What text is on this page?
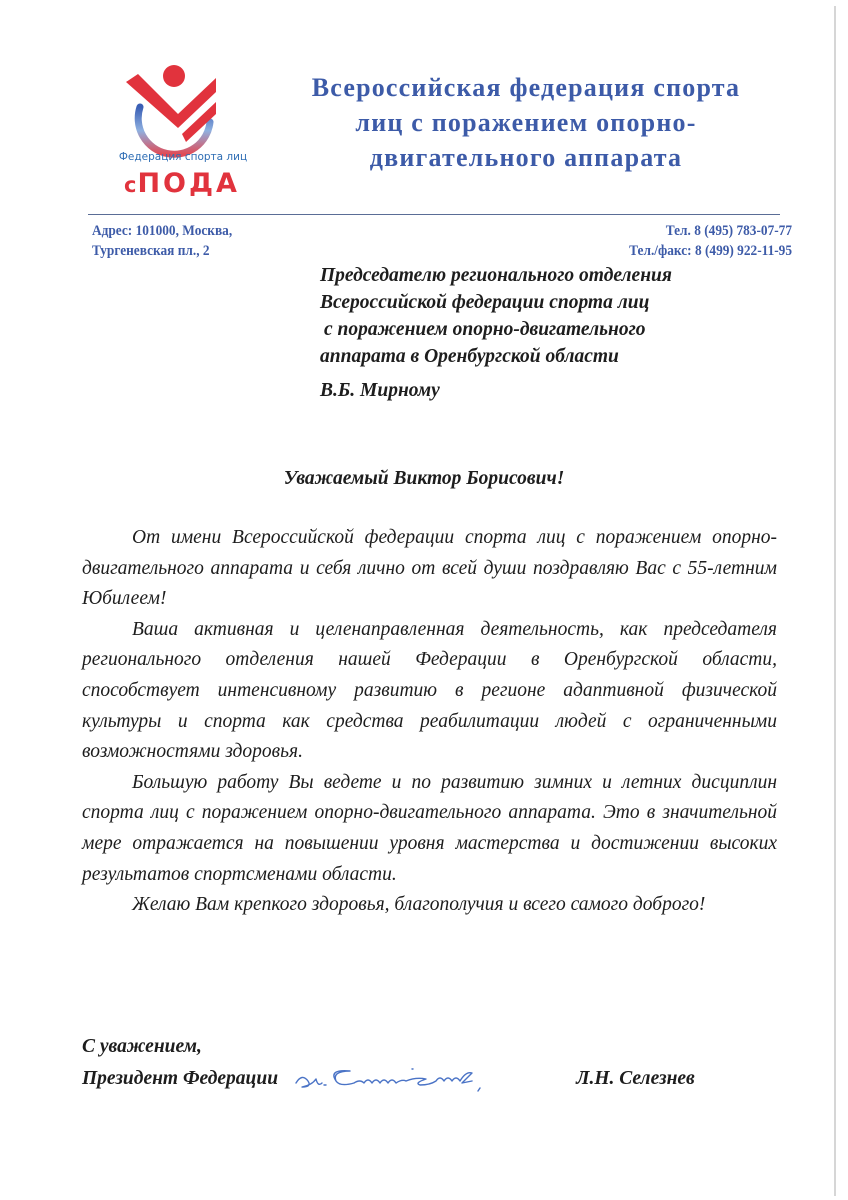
Федерация спорта лиц
сПОДА
Всероссийская федерация спорта
лиц с поражением опорно-
двигательного аппарата
Адрес: 101000, Москва,
Тургеневская пл., 2
Тел. 8 (495) 783-07-77
Тел./факс: 8 (499) 922-11-95
Председателю регионального отделения
Всероссийской федерации спорта лиц
с поражением опорно-двигательного
аппарата в Оренбургской области
В.Б. Мирному
Уважаемый Виктор Борисович!

От имени Всероссийской федерации спорта лиц с поражением опорно-двигательного аппарата и себя лично от всей души поздравляю Вас с 55-летним Юбилеем!

Ваша активная и целенаправленная деятельность, как председателя регионального отделения нашей Федерации в Оренбургской области, способствует интенсивному развитию в регионе адаптивной физической культуры и спорта как средства реабилитации людей с ограниченными возможностями здоровья.

Большую работу Вы ведете и по развитию зимних и летних дисциплин спорта лиц с поражением опорно-двигательного аппарата. Это в значительной мере отражается на повышении уровня мастерства и достижении высоких результатов спортсменами области.

Желаю Вам крепкого здоровья, благополучия и всего самого доброго!

С уважением,
Президент Федерации	Л.Н. Селезнев
